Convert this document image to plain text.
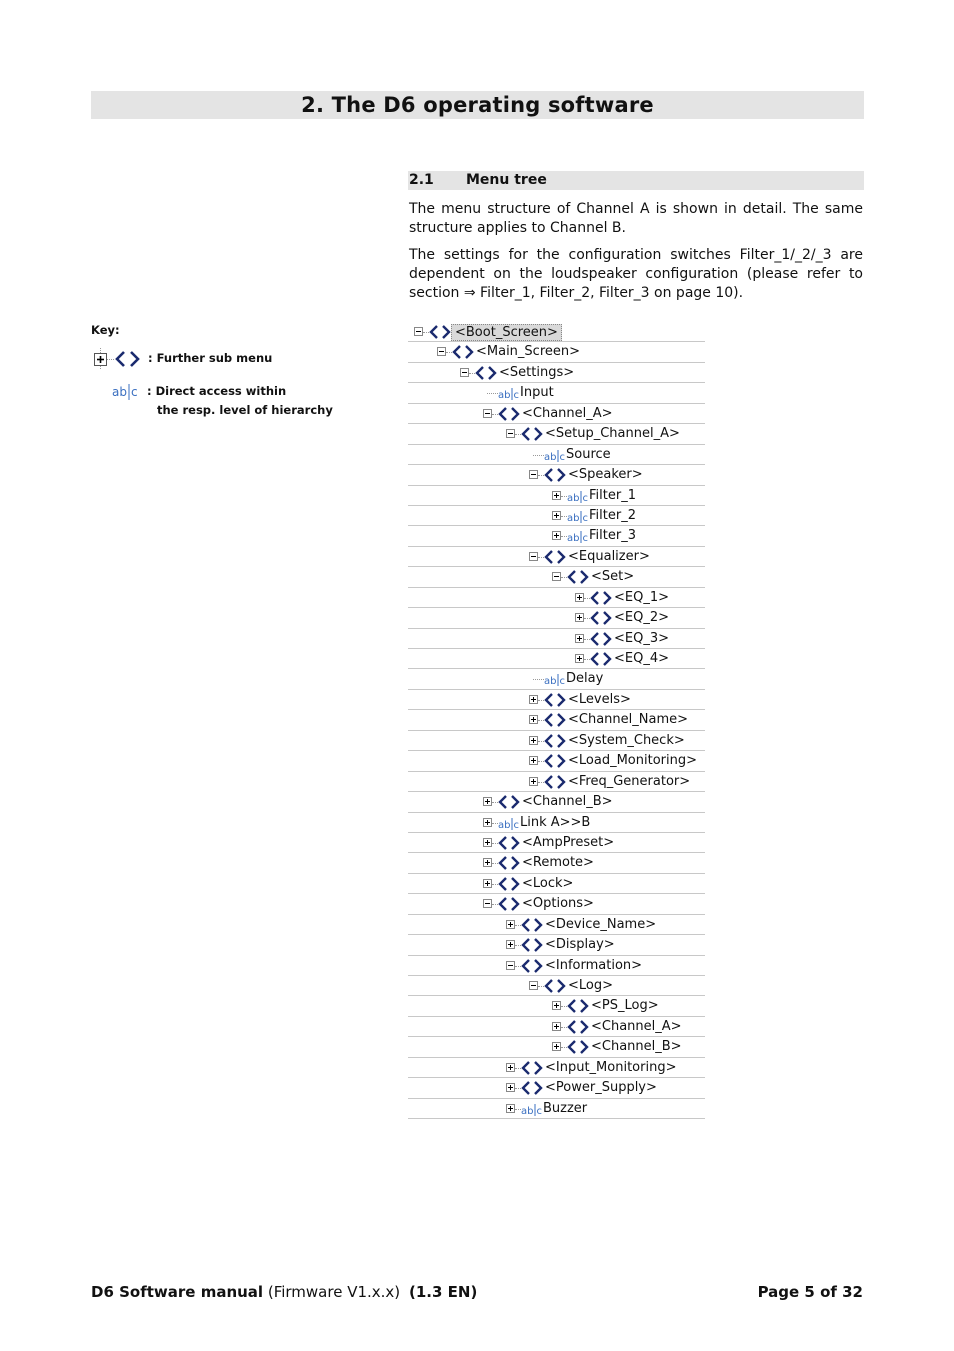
2. The D6 operating software
2.1 Menu tree

The menu structure of Channel A is shown in detail. The same structure applies to Channel B.

The settings for the configuration switches Filter_1/_2/_3 are dependent on the loudspeaker configuration (please refer to section ⇒ Filter_1, Filter_2, Filter_3 on page 10).

Key:
: Further sub menu
ab c : Direct access within
the resp. level of hierarchy
<Boot_Screen>
<Main_Screen>
<Settings>
ab c Input
<Channel_A>
<Setup_Channel_A>
ab c Source
<Speaker>
ab c Filter_1
ab c Filter_2
ab c Filter_3
<Equalizer>
<Set>
<EQ_1>
<EQ_2>
<EQ_3>
<EQ_4>
ab c Delay
<Levels>
<Channel_Name>
<System_Check>
<Load_Monitoring>
<Freq_Generator>
<Channel_B>
ab c Link A>>B
<AmpPreset>
<Remote>
<Lock>
<Options>
<Device_Name>
<Display>
<Information>
<Log>
<PS_Log>
<Channel_A>
<Channel_B>
<Input_Monitoring>
<Power_Supply>
ab c Buzzer
D6 Software manual (Firmware V1.x.x) (1.3 EN)	Page 5 of 32
